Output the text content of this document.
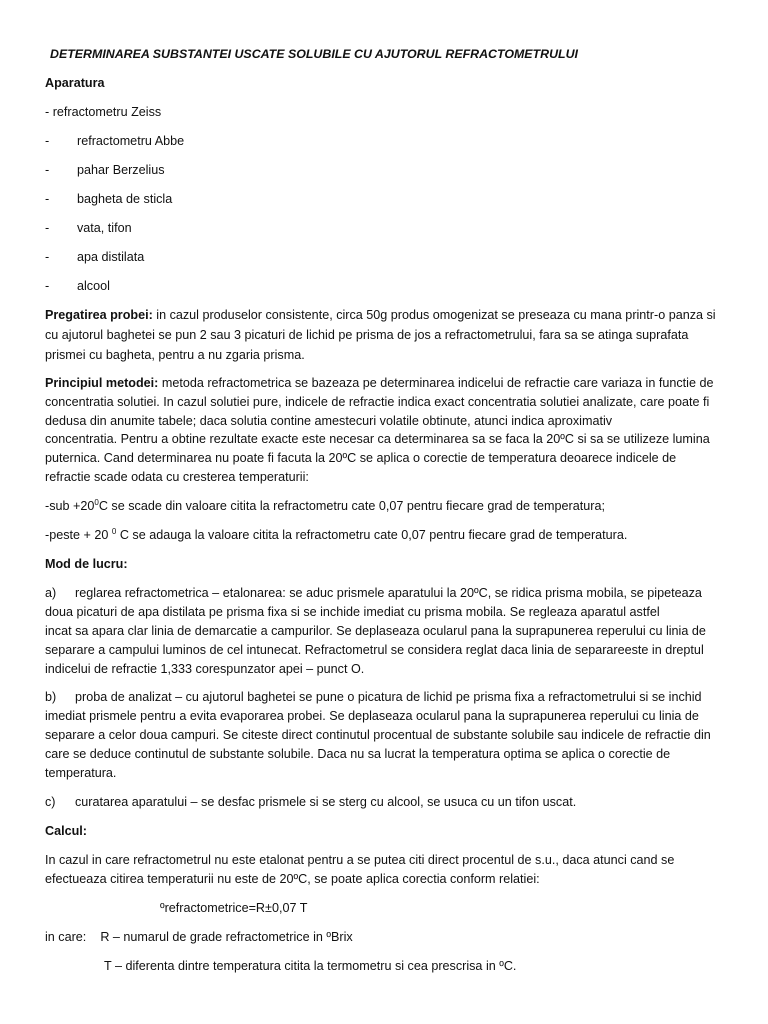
DETERMINAREA SUBSTANTEI USCATE SOLUBILE CU AJUTORUL REFRACTOMETRULUI
Aparatura
- refractometru Zeiss
- refractometru Abbe
- pahar Berzelius
- bagheta de sticla
- vata, tifon
- apa distilata
- alcool
Pregatirea probei: in cazul produselor consistente, circa 50g produs omogenizat se preseaza cu mana printr-o panza si
cu ajutorul baghetei se pun 2 sau 3 picaturi de lichid pe prisma de jos a refractometrului, fara sa se atinga suprafata
prismei cu bagheta, pentru a nu zgaria prisma.
Principiul metodei: metoda refractometrica se bazeaza pe determinarea indicelui de refractie care variaza in functie de
concentratia solutiei. In cazul solutiei pure, indicele de refractie indica exact concentratia solutiei analizate, care poate fi
dedusa din anumite tabele; daca solutia contine amestecuri volatile obtinute, atunci indica aproximativ
concentratia. Pentru a obtine rezultate exacte este necesar ca determinarea sa se faca la 20ºC si sa se utilizeze lumina
puternica. Cand determinarea nu poate fi facuta la 20ºC se aplica o corectie de temperatura deoarece indicele de
refractie scade odata cu cresterea temperaturii:
$-sub +20^0C$ se scade din valoare citita la refractometru cate 0,07 pentru fiecare grad de temperatura;
-peste + 20 $^0$ C se adauga la valoare citita la refractometru cate 0,07 pentru fiecare grad de temperatura.
Mod de lucru:
a) reglarea refractometrica – etalonarea: se aduc prismele aparatului la 20ºC, se ridica prisma mobila, se pipeteaza
doua picaturi de apa distilata pe prisma fixa si se inchide imediat cu prisma mobila. Se regleaza aparatul astfel
incat sa apara clar linia de demarcatie a campurilor. Se deplaseaza ocularul pana la suprapunerea reperului cu linia de
separare a campului luminos de cel intunecat. Refractometrul se considera reglat daca linia de separareeste in dreptul
indicelui de refractie 1,333 corespunzator apei – punct O.
b) proba de analizat – cu ajutorul baghetei se pune o picatura de lichid pe prisma fixa a refractometrului si se inchid
imediat prismele pentru a evita evaporarea probei. Se deplaseaza ocularul pana la suprapunerea reperului cu linia de
separare a celor doua campuri. Se citeste direct continutul procentual de substante solubile sau indicele de refractie din
care se deduce continutul de substante solubile. Daca nu sa lucrat la temperatura optima se aplica o corectie de
temperatura.
c) curatarea aparatului – se desfac prismele si se sterg cu alcool, se usuca cu un tifon uscat.
Calcul:
In cazul in care refractometrul nu este etalonat pentru a se putea citi direct procentul de s.u., daca atunci cand se
efectueaza citirea temperaturii nu este de 20ºC, se poate aplica corectia conform relatiei:
ºrefractometrice=R±0,07 T
in care: R – numarul de grade refractometrice in ºBrix
T – diferenta dintre temperatura citita la termometru si cea prescrisa in ºC.
